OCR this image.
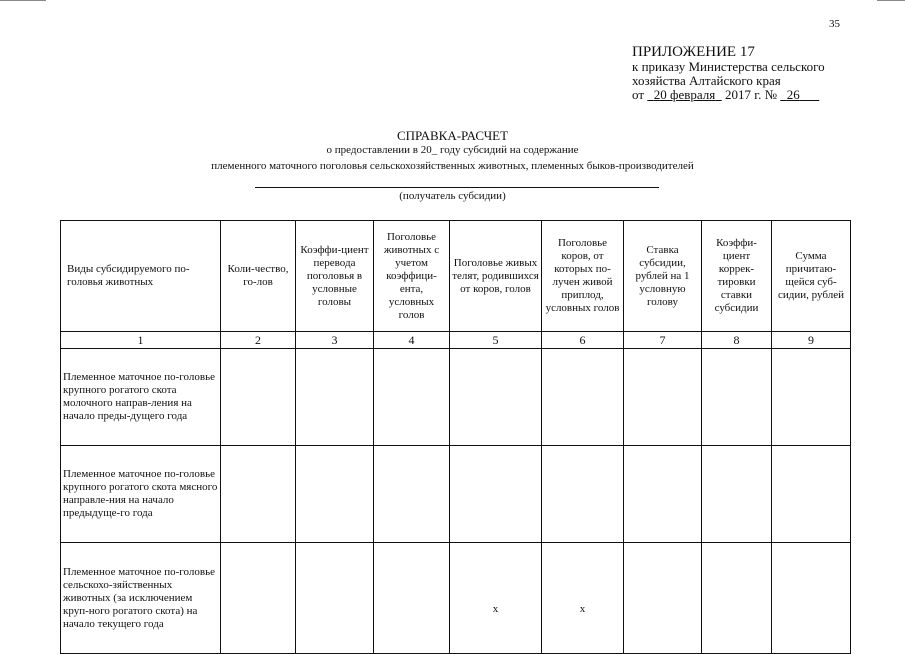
35
ПРИЛОЖЕНИЕ 17
к приказу Министерства сельского
хозяйства Алтайского края
от 20 февраля 2017 г. № 26
СПРАВКА-РАСЧЕТ
о предоставлении в 20_ году субсидий на содержание
племенного маточного поголовья сельскохозяйственных животных, племенных быков-производителей
(получатель субсидии)
Виды субсидируемого по-головья животных	Коли-чество, го-лов	Коэффи-циент перевода поголовья в условные головы	Поголовье животных с учетом коэффици-ента, условных голов	Поголовье живых телят, родившихся от коров, голов	Поголовье коров, от которых по-лучен живой приплод, условных голов	Ставка субсидии, рублей на 1 условную голову	Коэффи-циент коррек-тировки ставки субсидии	Сумма причитаю-щейся суб-сидии, рублей
1	2	3	4	5	6	7	8	9
Племенное маточное по-головье крупного рогатого скота молочного направ-ления на начало преды-дущего года								
Племенное маточное по-головье крупного рогатого скота мясного направле-ния на начало предыдуще-го года								
Племенное маточное по-головье сельскохо-зяйственных животных (за исключением круп-ного рогатого скота) на начало текущего года				x	x			
